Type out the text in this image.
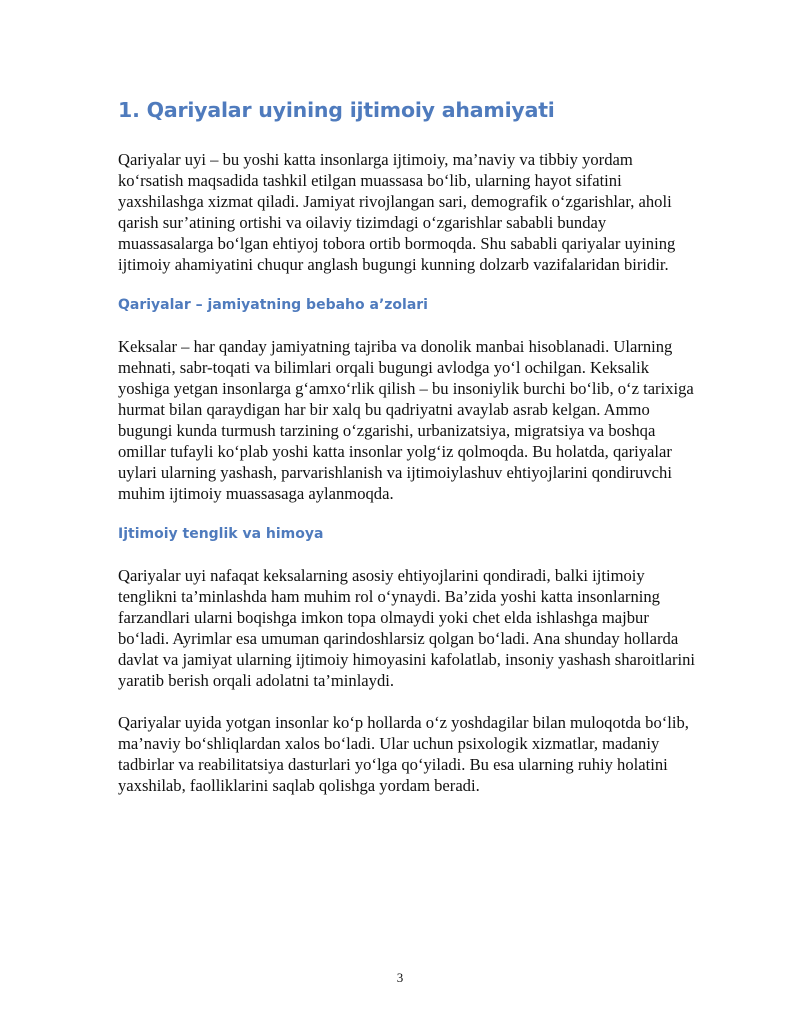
1. Qariyalar uyining ijtimoiy ahamiyati

Qariyalar uyi – bu yoshi katta insonlarga ijtimoiy, ma’naviy va tibbiy yordam ko‘rsatish maqsadida tashkil etilgan muassasa bo‘lib, ularning hayot sifatini yaxshilashga xizmat qiladi. Jamiyat rivojlangan sari, demografik o‘zgarishlar, aholi qarish sur’atining ortishi va oilaviy tizimdagi o‘zgarishlar sababli bunday muassasalarga bo‘lgan ehtiyoj tobora ortib bormoqda. Shu sababli qariyalar uyining ijtimoiy ahamiyatini chuqur anglash bugungi kunning dolzarb vazifalaridan biridir.

Qariyalar – jamiyatning bebaho a’zolari

Keksalar – har qanday jamiyatning tajriba va donolik manbai hisoblanadi. Ularning mehnati, sabr-toqati va bilimlari orqali bugungi avlodga yo‘l ochilgan. Keksalik yoshiga yetgan insonlarga g‘amxo‘rlik qilish – bu insoniylik burchi bo‘lib, o‘z tarixiga hurmat bilan qaraydigan har bir xalq bu qadriyatni avaylab asrab kelgan. Ammo bugungi kunda turmush tarzining o‘zgarishi, urbanizatsiya, migratsiya va boshqa omillar tufayli ko‘plab yoshi katta insonlar yolg‘iz qolmoqda. Bu holatda, qariyalar uylari ularning yashash, parvarishlanish va ijtimoiylashuv ehtiyojlarini qondiruvchi muhim ijtimoiy muassasaga aylanmoqda.

Ijtimoiy tenglik va himoya

Qariyalar uyi nafaqat keksalarning asosiy ehtiyojlarini qondiradi, balki ijtimoiy tenglikni ta’minlashda ham muhim rol o‘ynaydi. Ba’zida yoshi katta insonlarning farzandlari ularni boqishga imkon topa olmaydi yoki chet elda ishlashga majbur bo‘ladi. Ayrimlar esa umuman qarindoshlarsiz qolgan bo‘ladi. Ana shunday hollarda davlat va jamiyat ularning ijtimoiy himoyasini kafolatlab, insoniy yashash sharoitlarini yaratib berish orqali adolatni ta’minlaydi.

Qariyalar uyida yotgan insonlar ko‘p hollarda o‘z yoshdagilar bilan muloqotda bo‘lib, ma’naviy bo‘shliqlardan xalos bo‘ladi. Ular uchun psixologik xizmatlar, madaniy tadbirlar va reabilitatsiya dasturlari yo‘lga qo‘yiladi. Bu esa ularning ruhiy holatini yaxshilab, faolliklarini saqlab qolishga yordam beradi.

3
